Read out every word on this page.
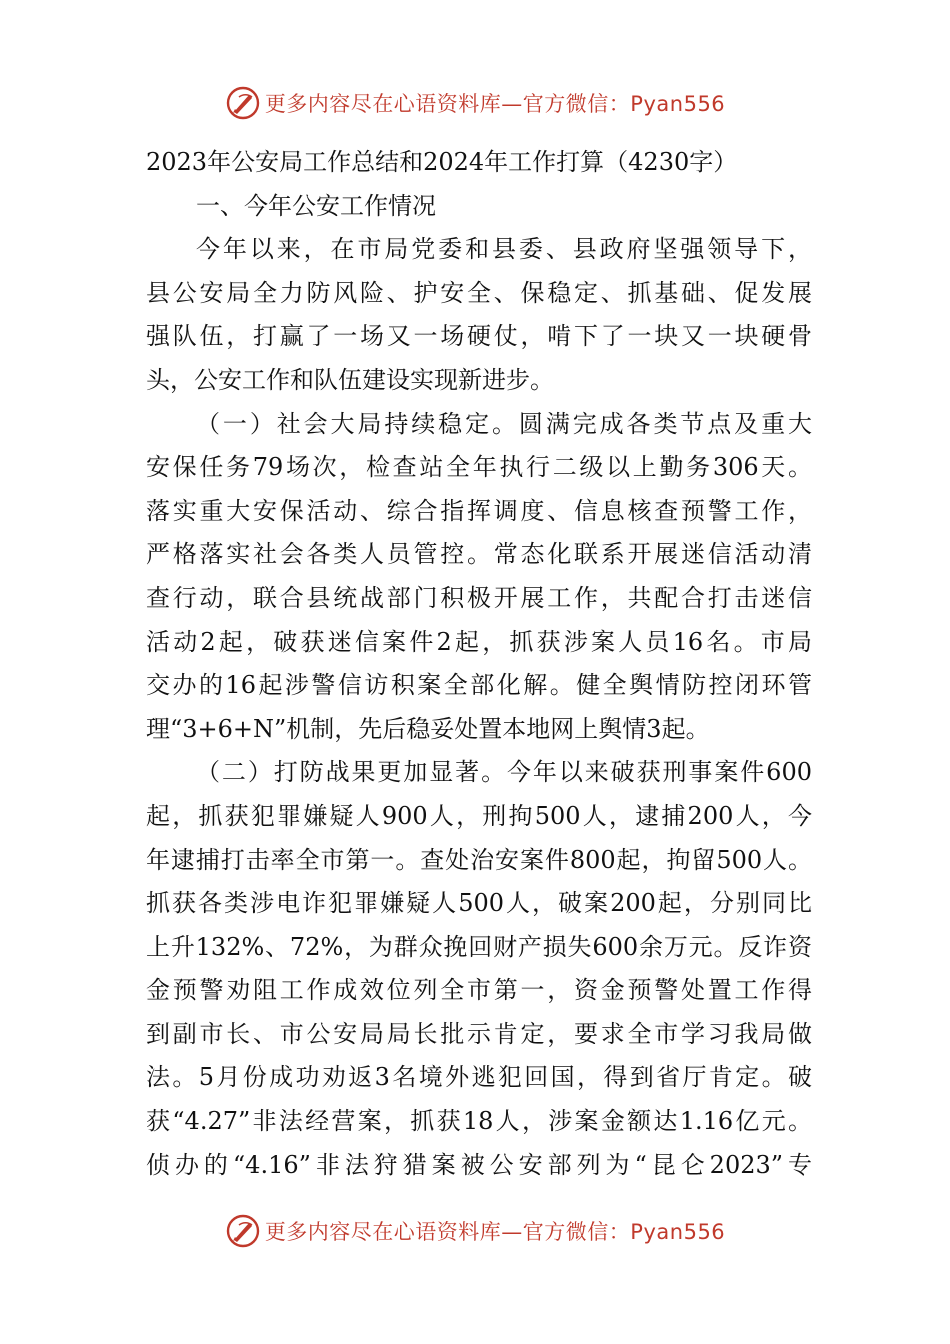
更多内容尽在心语资料库—官方微信：Pyan556
2023年公安局工作总结和2024年工作打算（4230字）
一、今年公安工作情况
今年以来，在市局党委和县委、县政府坚强领导下，
县公安局全力防风险、护安全、保稳定、抓基础、促发展
强队伍，打赢了一场又一场硬仗，啃下了一块又一块硬骨
头，公安工作和队伍建设实现新进步。
（一）社会大局持续稳定。圆满完成各类节点及重大
安保任务79场次，检查站全年执行二级以上勤务306天。
落实重大安保活动、综合指挥调度、信息核查预警工作，
严格落实社会各类人员管控。常态化联系开展迷信活动清
查行动，联合县统战部门积极开展工作，共配合打击迷信
活动2起，破获迷信案件2起，抓获涉案人员16名。市局
交办的16起涉警信访积案全部化解。健全舆情防控闭环管
理“3+6+N”机制，先后稳妥处置本地网上舆情3起。
（二）打防战果更加显著。今年以来破获刑事案件600
起，抓获犯罪嫌疑人900人，刑拘500人，逮捕200人，今
年逮捕打击率全市第一。查处治安案件800起，拘留500人。
抓获各类涉电诈犯罪嫌疑人500人，破案200起，分别同比
上升132%、72%，为群众挽回财产损失600余万元。反诈资
金预警劝阻工作成效位列全市第一，资金预警处置工作得
到副市长、市公安局局长批示肯定，要求全市学习我局做
法。5月份成功劝返3名境外逃犯回国，得到省厅肯定。破
获“4.27”非法经营案，抓获18人，涉案金额达1.16亿元。
侦办的“4.16”非法狩猎案被公安部列为“昆仑2023”专
更多内容尽在心语资料库—官方微信：Pyan556
